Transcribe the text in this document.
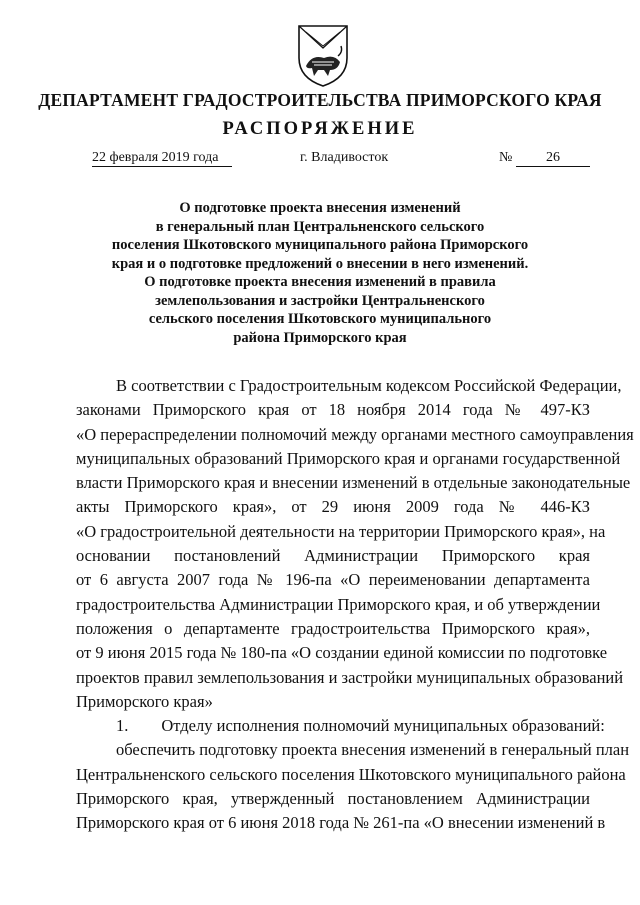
ДЕПАРТАМЕНТ ГРАДОСТРОИТЕЛЬСТВА ПРИМОРСКОГО КРАЯ
РАСПОРЯЖЕНИЕ
22 февраля 2019 года	г. Владивосток	№	26
О подготовке проекта внесения изменений
в генеральный план Центральненского сельского
поселения Шкотовского муниципального района Приморского
края и о подготовке предложений о внесении в него изменений.
О подготовке проекта внесения изменений в правила
землепользования и застройки Центральненского
сельского поселения Шкотовского муниципального
района Приморского края
В соответствии с Градостроительным кодексом Российской Федерации,
законами Приморского края от 18 ноября 2014 года № 497-КЗ
«О перераспределении полномочий между органами местного самоуправления
муниципальных образований Приморского края и органами государственной
власти Приморского края и внесении изменений в отдельные законодательные
акты Приморского края», от 29 июня 2009 года № 446-КЗ
«О градостроительной деятельности на территории Приморского края», на
основании постановлений Администрации Приморского края
от 6 августа 2007 года № 196-па «О переименовании департамента
градостроительства Администрации Приморского края, и об утверждении
положения о департаменте градостроительства Приморского края»,
от 9 июня 2015 года № 180-па «О создании единой комиссии по подготовке
проектов правил землепользования и застройки муниципальных образований
Приморского края»
1.        Отделу исполнения полномочий муниципальных образований:
обеспечить подготовку проекта внесения изменений в генеральный план
Центральненского сельского поселения Шкотовского муниципального района
Приморского края, утвержденный постановлением Администрации
Приморского края от 6 июня 2018 года № 261-па «О внесении изменений в
